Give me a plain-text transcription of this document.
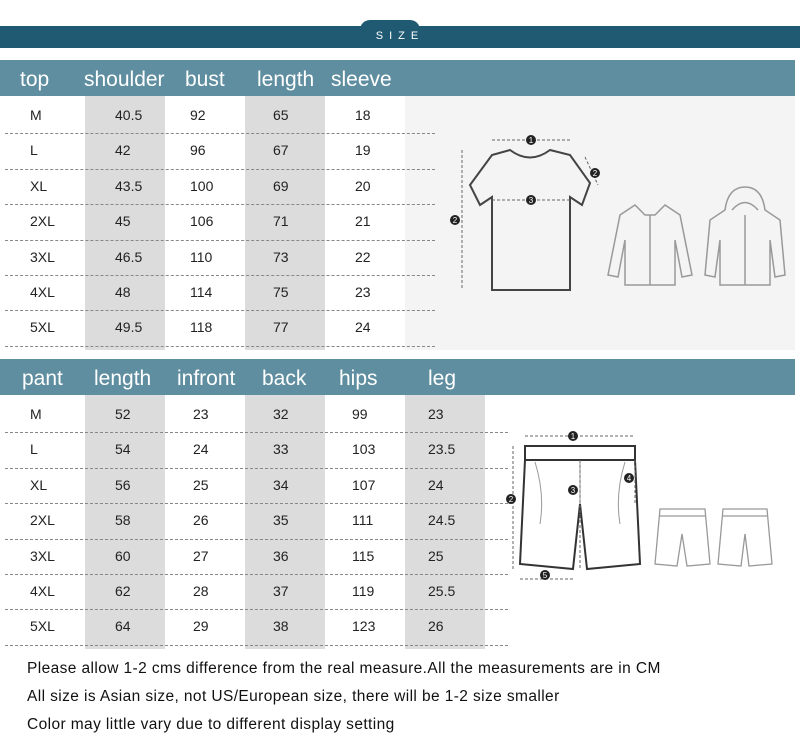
SIZE
top shoulder bust length sleeve
M	40.5	92	65	18
L	42	96	67	19
XL	43.5	100	69	20
2XL	45	106	71	21
3XL	46.5	110	73	22
4XL	48	114	75	23
5XL	49.5	118	77	24
1
2
3
2
pant length infront back hips leg
M	52	23	32	99	23
L	54	24	33	103	23.5
XL	56	25	34	107	24
2XL	58	26	35	111	24.5
3XL	60	27	36	115	25
4XL	62	28	37	119	25.5
5XL	64	29	38	123	26
1
2
3
4
5
Please allow 1-2 cms difference from the real measure.All the measurements are in CM
All size is Asian size, not US/European size, there will be 1-2 size smaller
Color may little vary due to different display setting
